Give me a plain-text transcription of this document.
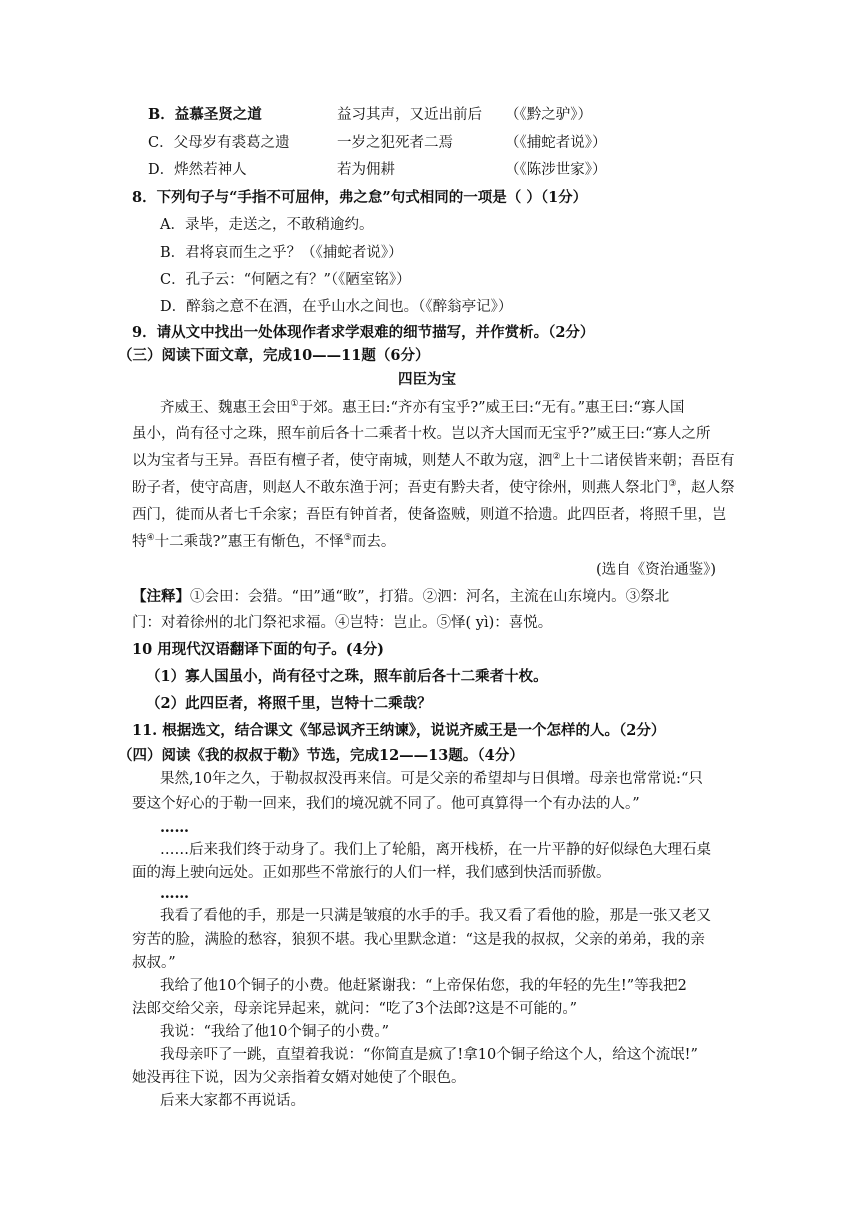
B．益慕圣贤之道	益习其声，又近出前后 （《黔之驴》）
C．父母岁有裘葛之遗	一岁之犯死者二焉	（《捕蛇者说》）
D．烨然若神人	若为佣耕	（《陈涉世家》）
8．下列句子与“手指不可屈伸，弗之怠”句式相同的一项是（ ）（1分）
A．录毕，走送之，不敢稍逾约。
B．君将哀而生之乎？（《捕蛇者说》）
C．孔子云：“何陋之有？”（《陋室铭》）
D．醉翁之意不在酒，在乎山水之间也。（《醉翁亭记》）
9．请从文中找出一处体现作者求学艰难的细节描写，并作赏析。（2分）
（三）阅读下面文章，完成10——11题（6分）
四臣为宝
齐威王、魏惠王会田①于郊。惠王曰:“齐亦有宝乎?”威王曰:“无有。”惠王曰:“寡人国
虽小，尚有径寸之珠，照车前后各十二乘者十枚。岂以齐大国而无宝乎?”威王曰:“寡人之所
以为宝者与王异。吾臣有檀子者，使守南城，则楚人不敢为寇，泗②上十二诸侯皆来朝；吾臣有
盼子者，使守高唐，则赵人不敢东渔于河；吾吏有黔夫者，使守徐州，则燕人祭北门③，赵人祭
西门，徙而从者七千余家；吾臣有钟首者，使备盗贼，则道不拾遗。此四臣者，将照千里，岂
特④十二乘哉?”惠王有惭色，不怿⑤而去。
(选自《资治通鉴》)
【注释】①会田：会猎。“田”通“畋”，打猎。②泗：河名，主流在山东境内。③祭北
门：对着徐州的北门祭祀求福。④岂特：岂止。⑤怿( yì)：喜悦。
10 用现代汉语翻译下面的句子。(4分)
（1）寡人国虽小，尚有径寸之珠，照车前后各十二乘者十枚。
（2）此四臣者，将照千里，岂特十二乘哉？
11. 根据选文，结合课文《邹忌讽齐王纳谏》，说说齐威王是一个怎样的人。（2分）
（四）阅读《我的叔叔于勒》节选，完成12——13题。（4分）
果然,10年之久，于勒叔叔没再来信。可是父亲的希望却与日俱增。母亲也常常说:“只
要这个好心的于勒一回来，我们的境况就不同了。他可真算得一个有办法的人。”
……
……后来我们终于动身了。我们上了轮船，离开栈桥，在一片平静的好似绿色大理石桌
面的海上驶向远处。正如那些不常旅行的人们一样，我们感到快活而骄傲。
……
我看了看他的手，那是一只满是皱痕的水手的手。我又看了看他的脸，那是一张又老又
穷苦的脸，满脸的愁容，狼狈不堪。我心里默念道：“这是我的叔叔，父亲的弟弟，我的亲
叔叔。”
我给了他10个铜子的小费。他赶紧谢我：“上帝保佑您，我的年轻的先生!”等我把2
法郎交给父亲，母亲诧异起来，就问：“吃了3个法郎?这是不可能的。”
我说：“我给了他10个铜子的小费。”
我母亲吓了一跳，直望着我说：“你简直是疯了!拿10个铜子给这个人，给这个流氓!”
她没再往下说，因为父亲指着女婿对她使了个眼色。
后来大家都不再说话。
